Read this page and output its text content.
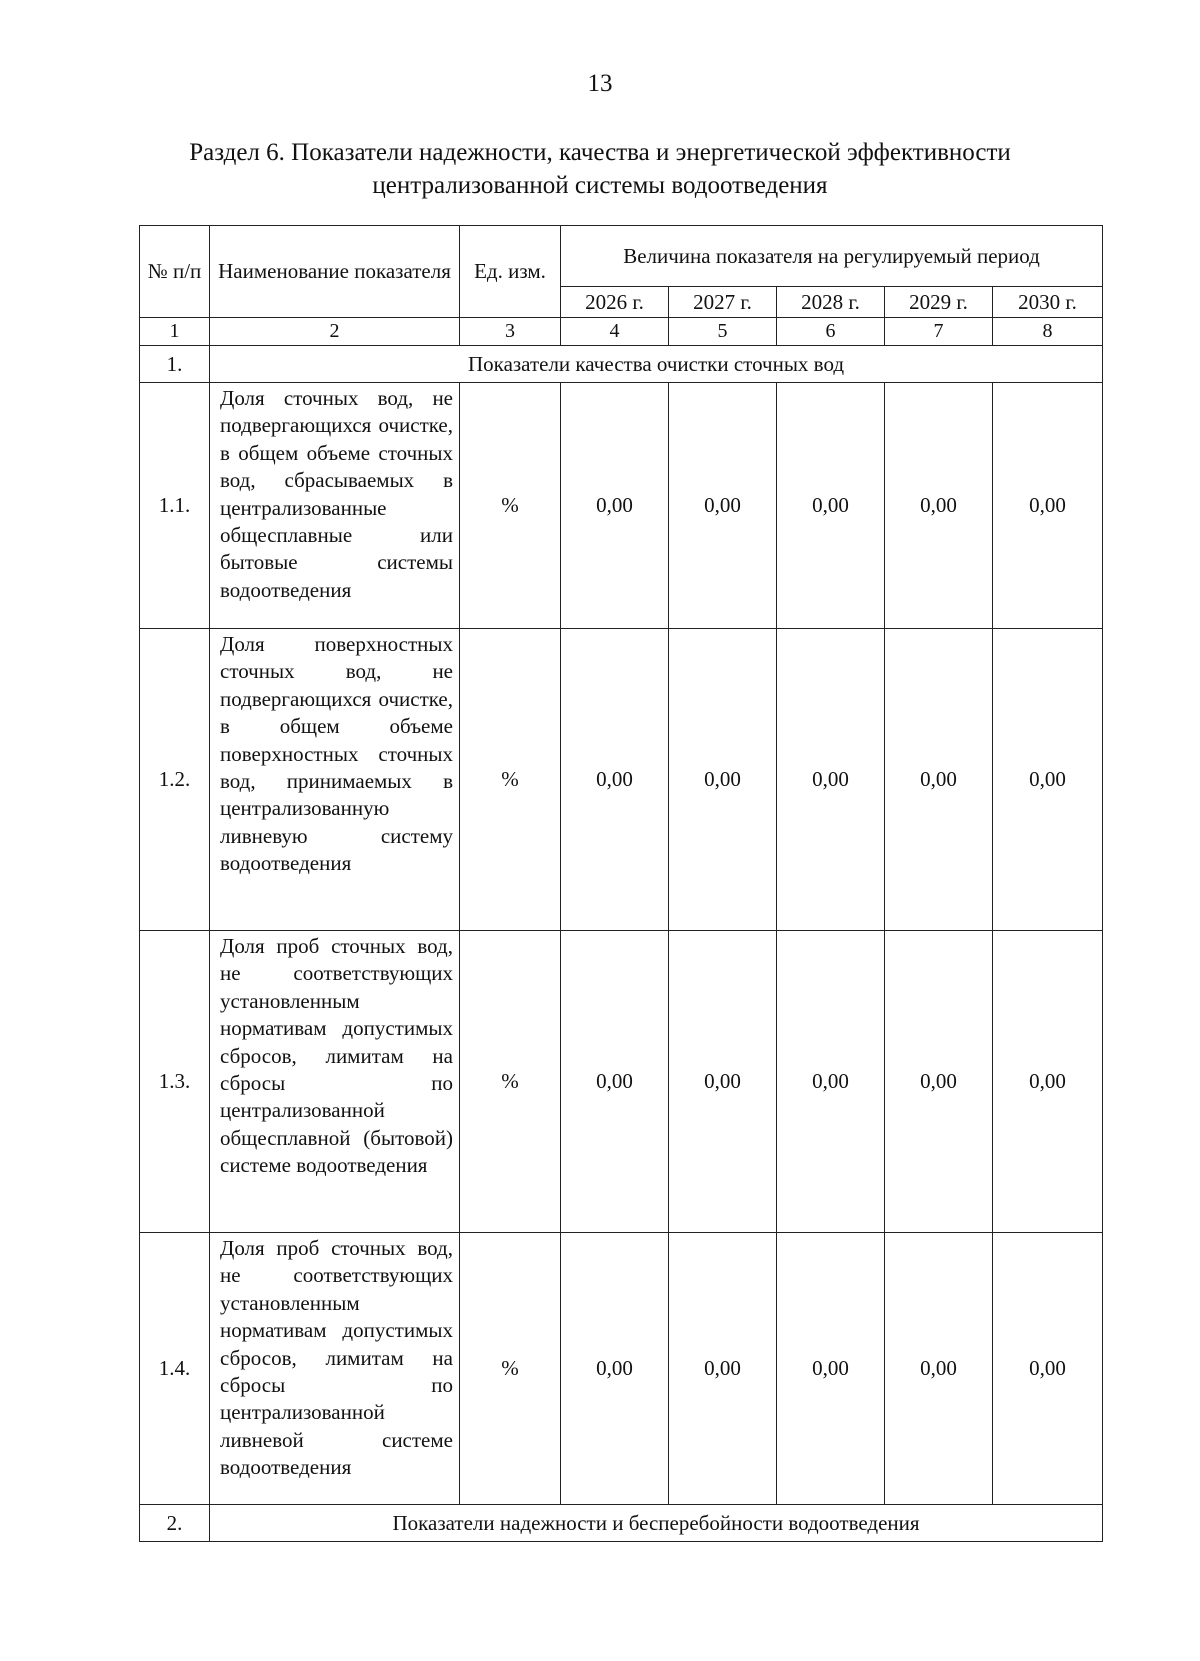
13
Раздел 6. Показатели надежности, качества и энергетической эффективности
централизованной системы водоотведения
№ п/п	Наименование показателя	Ед. изм.	Величина показателя на регулируемый период				
			2026 г.	2027 г.	2028 г.	2029 г.	2030 г.
1	2	3	4	5	6	7	8
1.	Показатели качества очистки сточных вод						
1.1.	Доля сточных вод, не подвергающихся очистке, в общем объеме сточных вод, сбрасываемых в централизованные общесплавные или бытовые системы водоотведения	%	0,00	0,00	0,00	0,00	0,00
1.2.	Доля поверхностных сточных вод, не подвергающихся очистке, в общем объеме поверхностных сточных вод, принимаемых в централизованную ливневую систему водоотведения	%	0,00	0,00	0,00	0,00	0,00
1.3.	Доля проб сточных вод, не соответствующих установленным нормативам допустимых сбросов, лимитам на сбросы по централизованной общесплавной (бытовой) системе водоотведения	%	0,00	0,00	0,00	0,00	0,00
1.4.	Доля проб сточных вод, не соответствующих установленным нормативам допустимых сбросов, лимитам на сбросы по централизованной ливневой системе водоотведения	%	0,00	0,00	0,00	0,00	0,00
2.	Показатели надежности и бесперебойности водоотведения						
